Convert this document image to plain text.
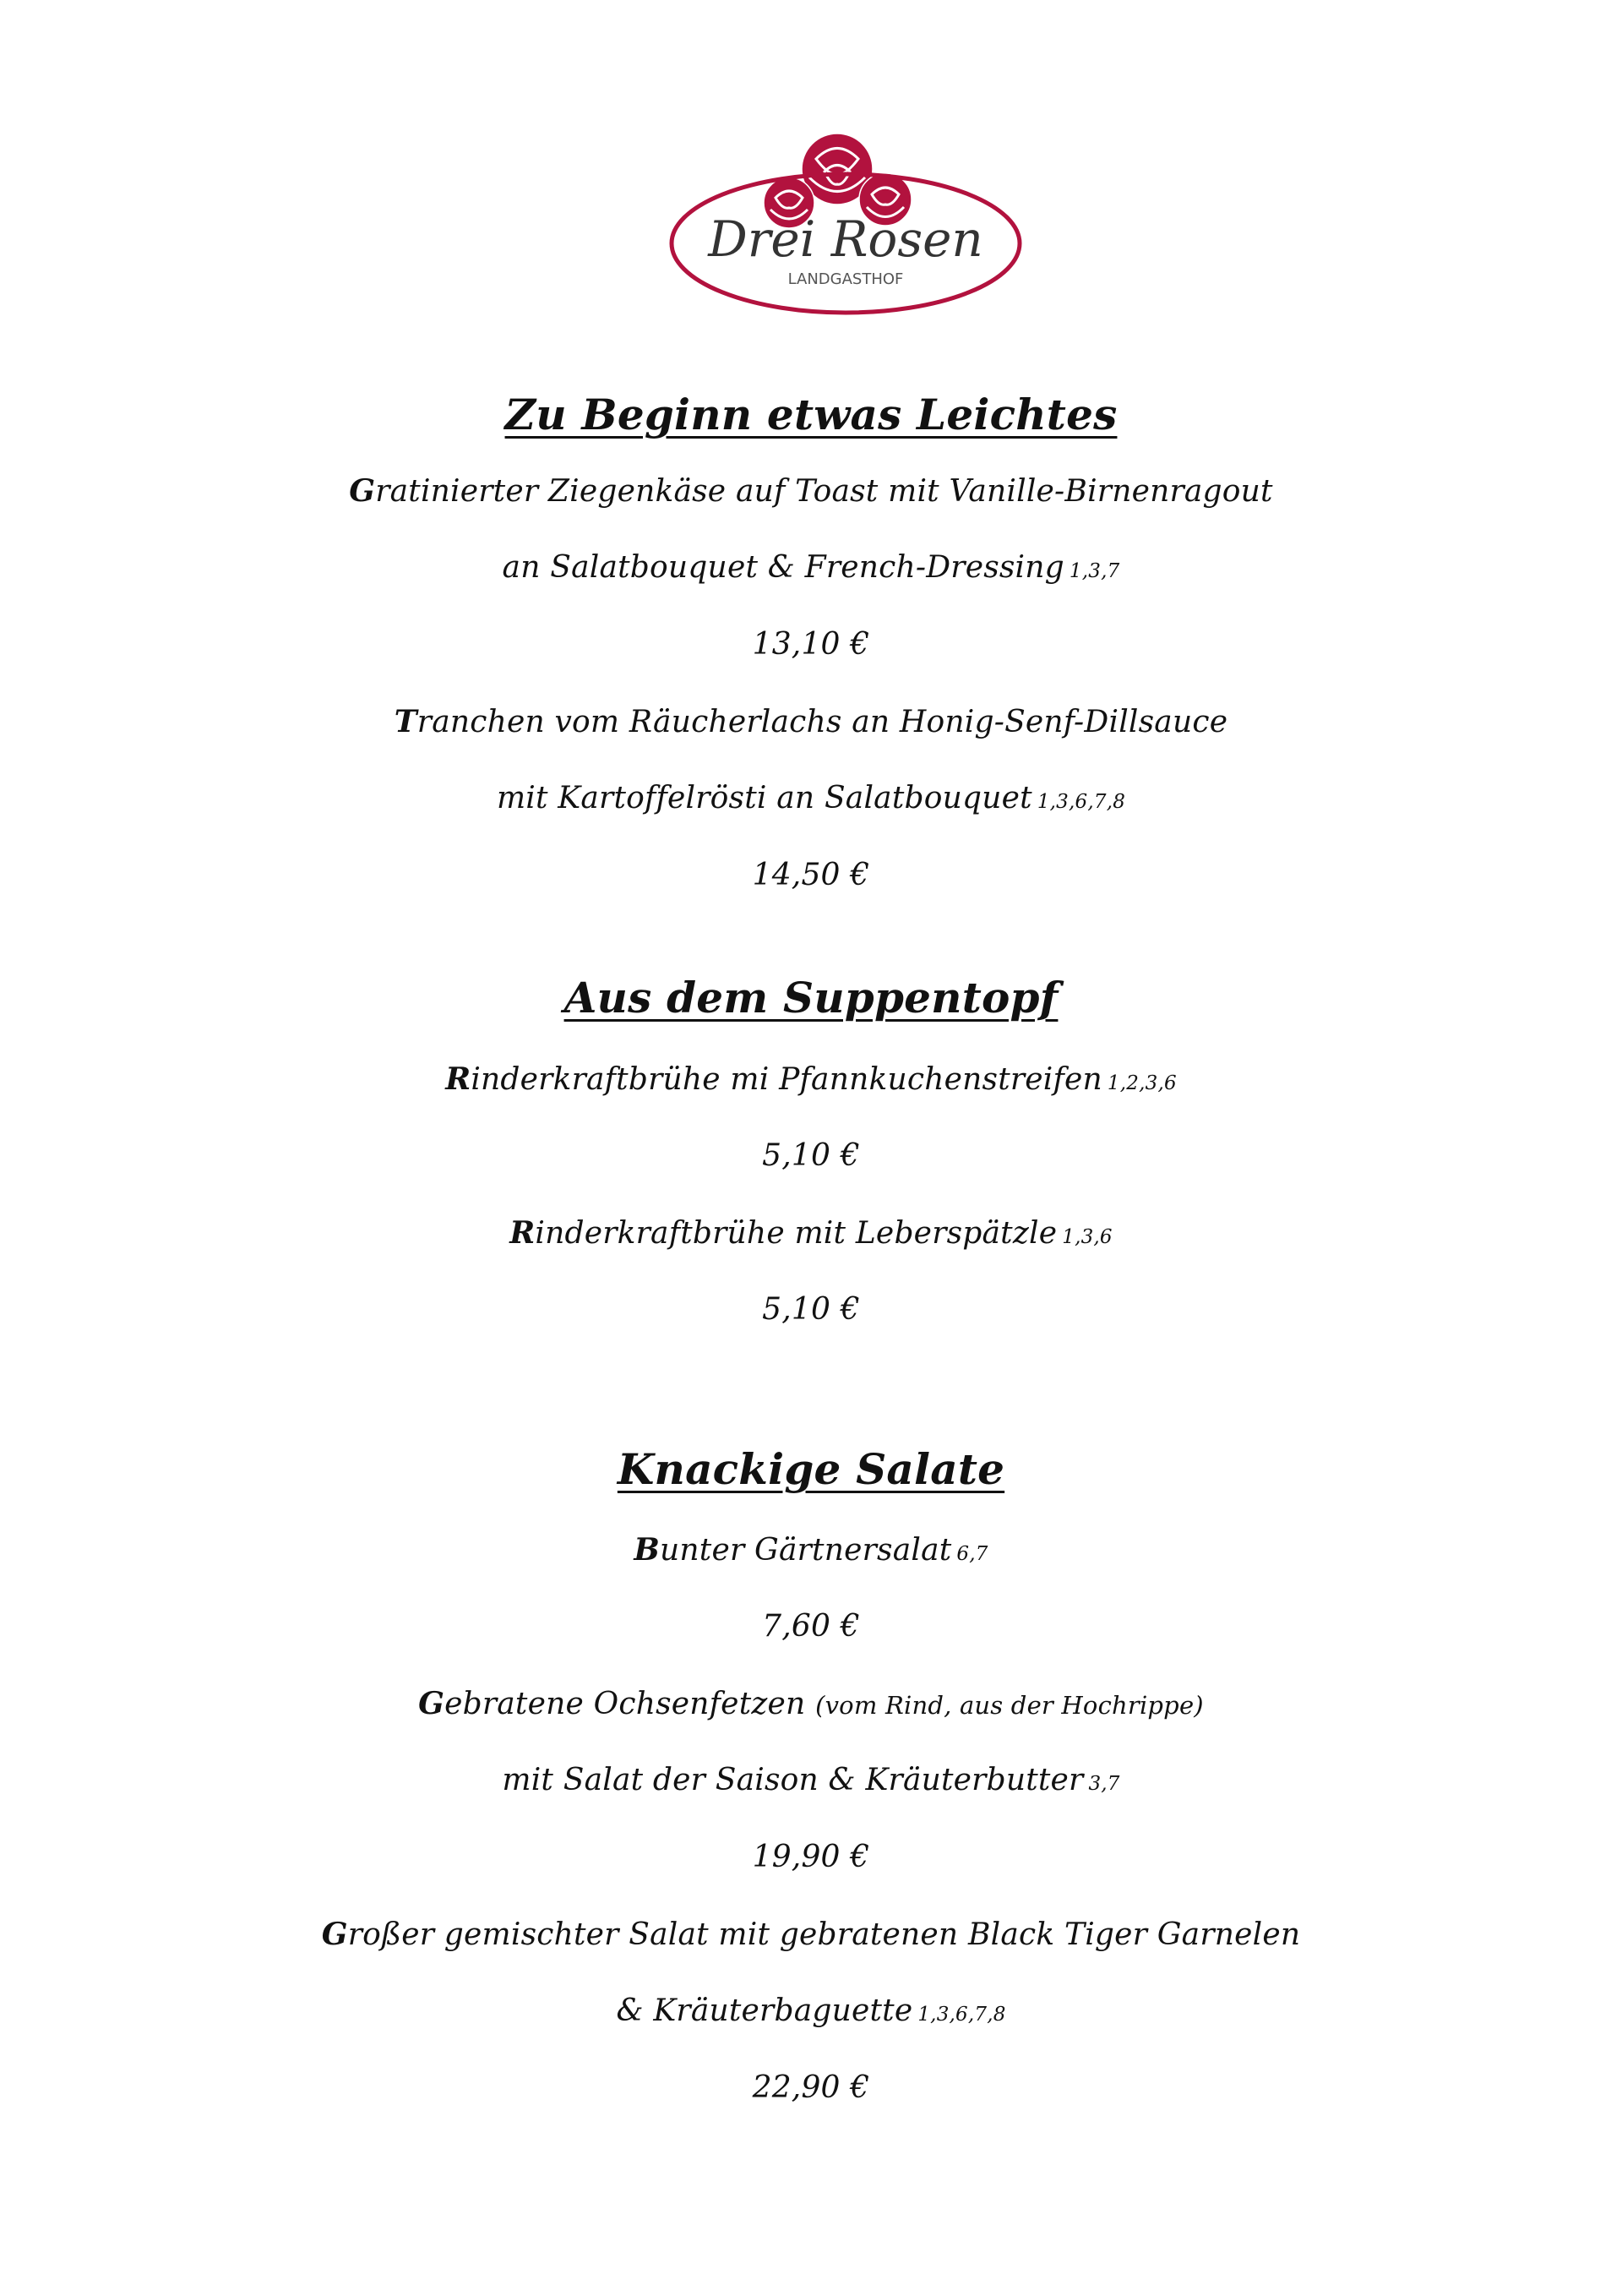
Drei Rosen
LANDGASTHOF
Zu Beginn etwas Leichtes
Gratinierter Ziegenkäse auf Toast mit Vanille-Birnenragout
an Salatbouquet & French-Dressing 1,3,7
13,10 €
Tranchen vom Räucherlachs an Honig-Senf-Dillsauce
mit Kartoffelrösti an Salatbouquet 1,3,6,7,8
14,50 €
Aus dem Suppentopf
Rinderkraftbrühe mi Pfannkuchenstreifen 1,2,3,6
5,10 €
Rinderkraftbrühe mit Leberspätzle 1,3,6
5,10 €
Knackige Salate
Bunter Gärtnersalat 6,7
7,60 €
Gebratene Ochsenfetzen (vom Rind, aus der Hochrippe)
mit Salat der Saison & Kräuterbutter 3,7
19,90 €
Großer gemischter Salat mit gebratenen Black Tiger Garnelen
& Kräuterbaguette 1,3,6,7,8
22,90 €
